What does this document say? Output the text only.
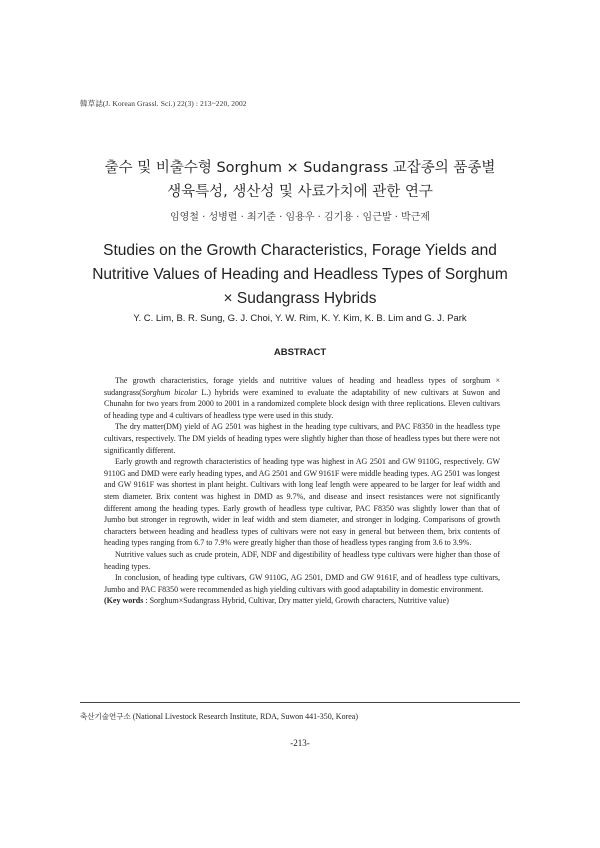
韓草誌(J. Korean Grassl. Sci.) 22(3) : 213~220, 2002
출수 및 비출수형 Sorghum × Sudangrass 교잡종의 품종별
생육특성, 생산성 및 사료가치에 관한 연구
임영철 · 성병렬 · 최기준 · 임용우 · 김기용 · 임근발 · 박근제
Studies on the Growth Characteristics, Forage Yields and
Nutritive Values of Heading and Headless Types of Sorghum
× Sudangrass Hybrids
Y. C. Lim, B. R. Sung, G. J. Choi, Y. W. Rim, K. Y. Kim, K. B. Lim and G. J. Park
ABSTRACT

The growth characteristics, forage yields and nutritive values of heading and headless types of sorghum × sudangrass(Sorghum bicolar L.) hybrids were examined to evaluate the adaptability of new cultivars at Suwon and Chunahn for two years from 2000 to 2001 in a randomized complete block design with three replications. Eleven cultivars of heading type and 4 cultivars of headless type were used in this study.

The dry matter(DM) yield of AG 2501 was highest in the heading type cultivars, and PAC F8350 in the headless type cultivars, respectively. The DM yields of heading types were slightly higher than those of headless types but there were not significantly different.

Early growth and regrowth characteristics of heading type was highest in AG 2501 and GW 9110G, respectively. GW 9110G and DMD were early heading types, and AG 2501 and GW 9161F were middle heading types. AG 2501 was longest and GW 9161F was shortest in plant height. Cultivars with long leaf length were appeared to be larger for leaf width and stem diameter. Brix content was highest in DMD as 9.7%, and disease and insect resistances were not significantly different among the heading types. Early growth of headless type cultivar, PAC F8350 was slightly lower than that of Jumbo but stronger in regrowth, wider in leaf width and stem diameter, and stronger in lodging. Comparisons of growth characters between heading and headless types of cultivars were not easy in general but between them, brix contents of heading types ranging from 6.7 to 7.9% were greatly higher than those of headless types ranging from 3.6 to 3.9%.

Nutritive values such as crude protein, ADF, NDF and digestibility of headless type cultivars were higher than those of heading types.

In conclusion, of heading type cultivars, GW 9110G, AG 2501, DMD and GW 9161F, and of headless type cultivars, Jumbo and PAC F8350 were recommended as high yielding cultivars with good adaptability in domestic environment.

(Key words : Sorghum×Sudangrass Hybrid, Cultivar, Dry matter yield, Growth characters, Nutritive value)
축산기술연구소 (National Livestock Research Institute, RDA, Suwon 441-350, Korea)
-213-
